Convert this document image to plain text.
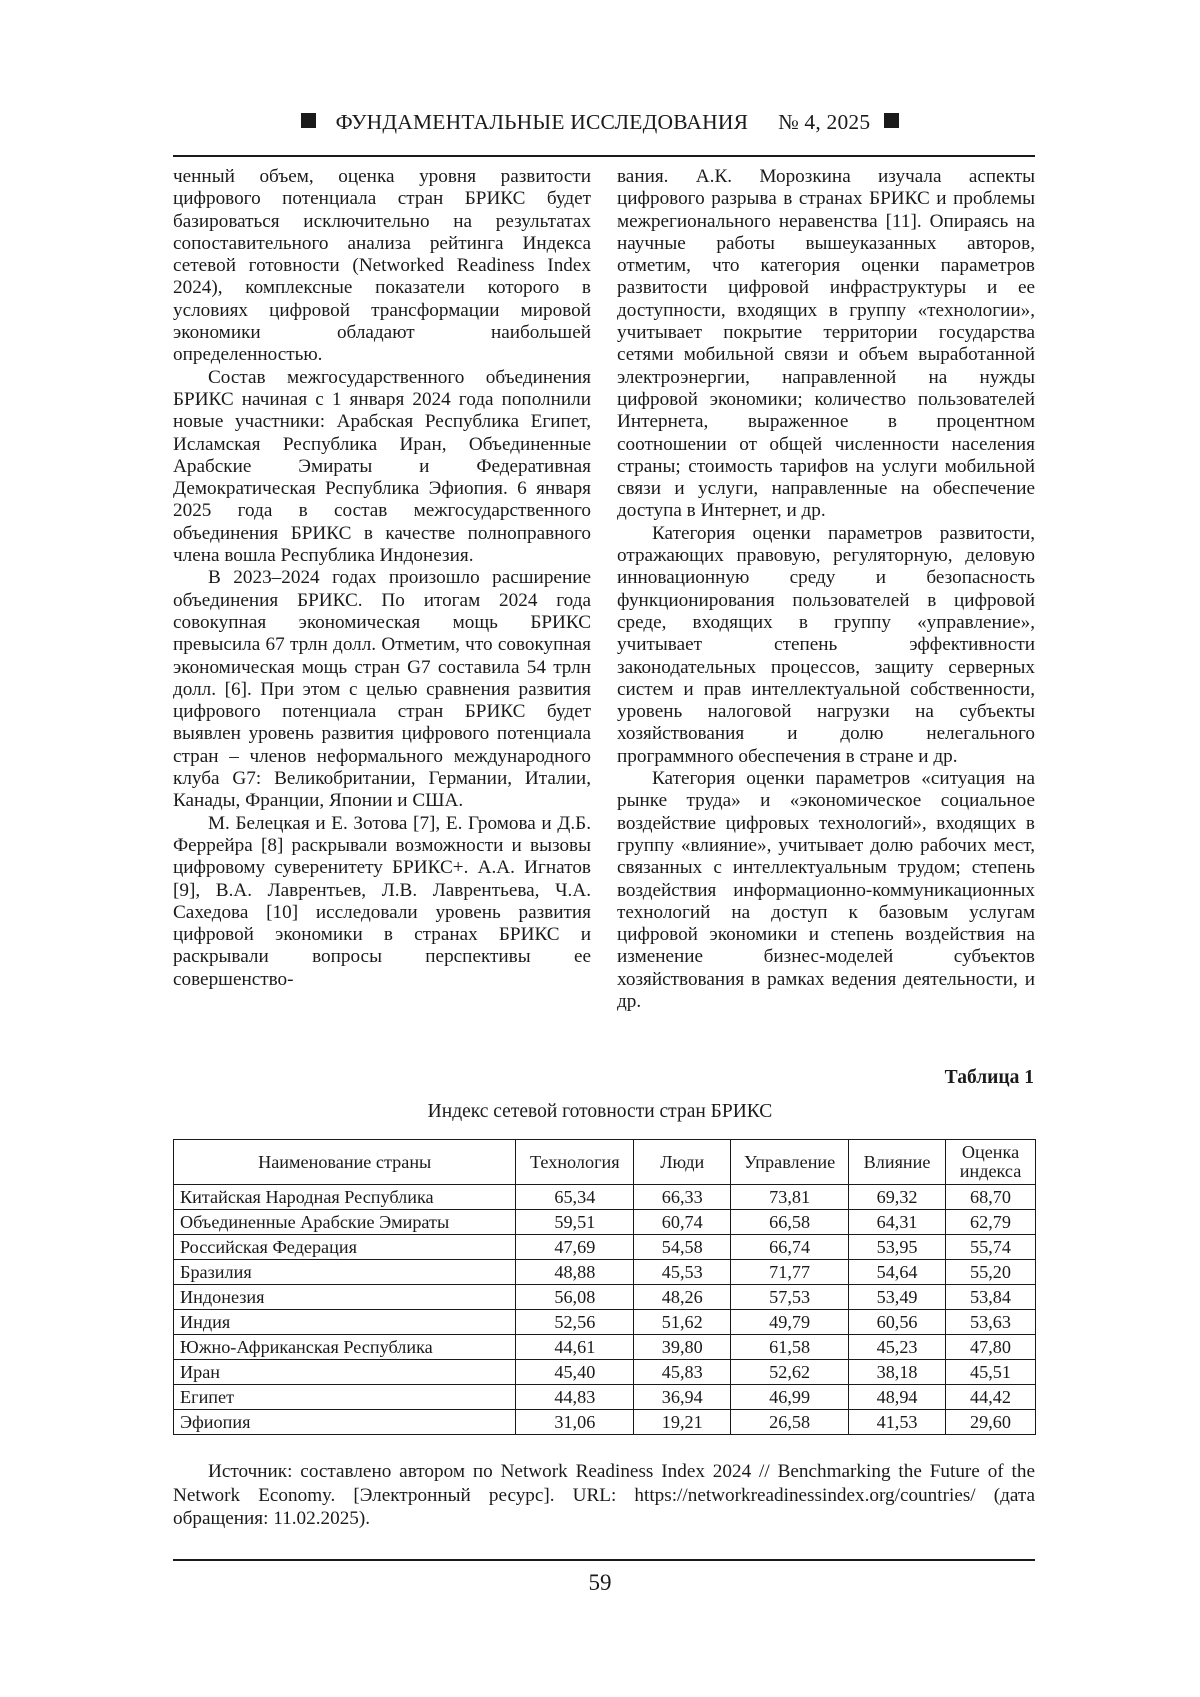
ФУНДАМЕНТАЛЬНЫЕ ИССЛЕДОВАНИЯ № 4, 2025

ченный объем, оценка уровня развитости цифрового потенциала стран БРИКС будет базироваться исключительно на результатах сопоставительного анализа рейтинга Индекса сетевой готовности (Networked Readiness Index 2024), комплексные показатели которого в условиях цифровой трансформации мировой экономики обладают наибольшей определенностью.

Состав межгосударственного объединения БРИКС начиная с 1 января 2024 года пополнили новые участники: Арабская Республика Египет, Исламская Республика Иран, Объединенные Арабские Эмираты и Федеративная Демократическая Республика Эфиопия. 6 января 2025 года в состав межгосударственного объединения БРИКС в качестве полноправного члена вошла Республика Индонезия.

В 2023–2024 годах произошло расширение объединения БРИКС. По итогам 2024 года совокупная экономическая мощь БРИКС превысила 67 трлн долл. Отметим, что совокупная экономическая мощь стран G7 составила 54 трлн долл. [6]. При этом с целью сравнения развития цифрового потенциала стран БРИКС будет выявлен уровень развития цифрового потенциала стран – членов неформального международного клуба G7: Великобритании, Германии, Италии, Канады, Франции, Японии и США.

М. Белецкая и Е. Зотова [7], Е. Громова и Д.Б. Феррейра [8] раскрывали возможности и вызовы цифровому суверенитету БРИКС+. А.А. Игнатов [9], В.А. Лаврентьев, Л.В. Лаврентьева, Ч.А. Сахедова [10] исследовали уровень развития цифровой экономики в странах БРИКС и раскрывали вопросы перспективы ее совершенство-

вания. А.К. Морозкина изучала аспекты цифрового разрыва в странах БРИКС и проблемы межрегионального неравенства [11]. Опираясь на научные работы вышеуказанных авторов, отметим, что категория оценки параметров развитости цифровой инфраструктуры и ее доступности, входящих в группу «технологии», учитывает покрытие территории государства сетями мобильной связи и объем выработанной электроэнергии, направленной на нужды цифровой экономики; количество пользователей Интернета, выраженное в процентном соотношении от общей численности населения страны; стоимость тарифов на услуги мобильной связи и услуги, направленные на обеспечение доступа в Интернет, и др.

Категория оценки параметров развитости, отражающих правовую, регуляторную, деловую инновационную среду и безопасность функционирования пользователей в цифровой среде, входящих в группу «управление», учитывает степень эффективности законодательных процессов, защиту серверных систем и прав интеллектуальной собственности, уровень налоговой нагрузки на субъекты хозяйствования и долю нелегального программного обеспечения в стране и др.

Категория оценки параметров «ситуация на рынке труда» и «экономическое социальное воздействие цифровых технологий», входящих в группу «влияние», учитывает долю рабочих мест, связанных с интеллектуальным трудом; степень воздействия информационно-коммуникационных технологий на доступ к базовым услугам цифровой экономики и степень воздействия на изменение бизнес-моделей субъектов хозяйствования в рамках ведения деятельности, и др.

Таблица 1
Индекс сетевой готовности стран БРИКС
Наименование страны	Технология	Люди	Управление	Влияние	Оценка индекса
Китайская Народная Республика	65,34	66,33	73,81	69,32	68,70
Объединенные Арабские Эмираты	59,51	60,74	66,58	64,31	62,79
Российская Федерация	47,69	54,58	66,74	53,95	55,74
Бразилия	48,88	45,53	71,77	54,64	55,20
Индонезия	56,08	48,26	57,53	53,49	53,84
Индия	52,56	51,62	49,79	60,56	53,63
Южно-Африканская Республика	44,61	39,80	61,58	45,23	47,80
Иран	45,40	45,83	52,62	38,18	45,51
Египет	44,83	36,94	46,99	48,94	44,42
Эфиопия	31,06	19,21	26,58	41,53	29,60

Источник: составлено автором по Network Readiness Index 2024 // Benchmarking the Future of the Network Economy. [Электронный ресурс]. URL: https://networkreadinessindex.org/countries/ (дата обращения: 11.02.2025).

59
